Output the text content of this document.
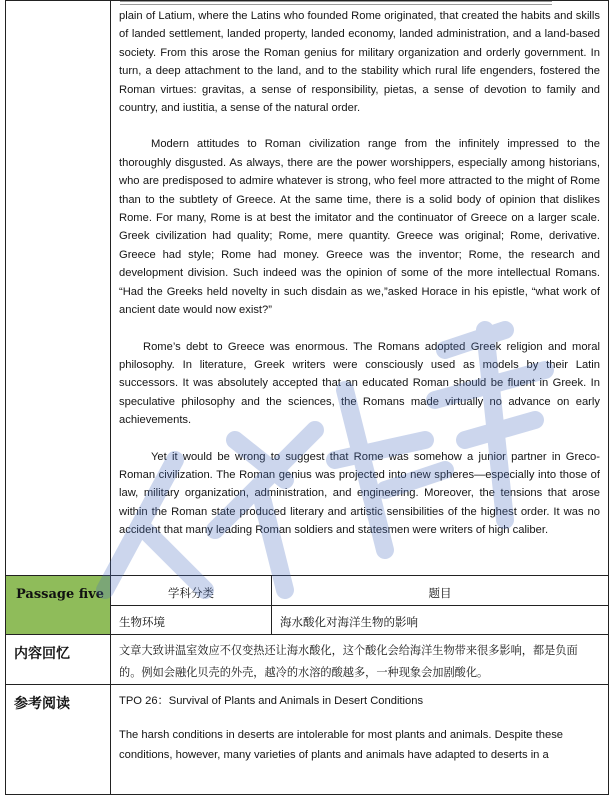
	plain of Latium, where the Latins who founded Rome originated, that created the habits and skills of landed settlement, landed property, landed economy, landed administration, and a land-based society. From this arose the Roman genius for military organization and orderly government. In turn, a deep attachment to the land, and to the stability which rural life engenders, fostered the Roman virtues: gravitas, a sense of responsibility, pietas, a sense of devotion to family and country, and iustitia, a sense of the natural order.

Modern attitudes to Roman civilization range from the infinitely impressed to the thoroughly disgusted. As always, there are the power worshippers, especially among historians, who are predisposed to admire whatever is strong, who feel more attracted to the might of Rome than to the subtlety of Greece. At the same time, there is a solid body of opinion that dislikes Rome. For many, Rome is at best the imitator and the continuator of Greece on a larger scale. Greek civilization had quality; Rome, mere quantity. Greece was original; Rome, derivative. Greece had style; Rome had money. Greece was the inventor; Rome, the research and development division. Such indeed was the opinion of some of the more intellectual Romans. “Had the Greeks held novelty in such disdain as we,”asked Horace in his epistle, “what work of ancient date would now exist?”

Rome’s debt to Greece was enormous. The Romans adopted Greek religion and moral philosophy. In literature, Greek writers were consciously used as models by their Latin successors. It was absolutely accepted that an educated Roman should be fluent in Greek. In speculative philosophy and the sciences, the Romans made virtually no advance on early achievements.

Yet it would be wrong to suggest that Rome was somehow a junior partner in Greco-Roman civilization. The Roman genius was projected into new spheres—especially into those of law, military organization, administration, and engineering. Moreover, the tensions that arose within the Roman state produced literary and artistic sensibilities of the highest order. It was no accident that many leading Roman soldiers and statesmen were writers of high caliber.	

Passage five	学科分类	题目
	生物环境	海水酸化对海洋生物的影响
内容回忆	文章大致讲温室效应不仅变热还让海水酸化，这个酸化会给海洋生物带来很多影响，都是负面的。例如会融化贝壳的外壳，越冷的水溶的酸越多，一种现象会加剧酸化。	
参考阅读	TPO 26：Survival of Plants and Animals in Desert Conditions

The harsh conditions in deserts are intolerable for most plants and animals. Despite these conditions, however, many varieties of plants and animals have adapted to deserts in a	
